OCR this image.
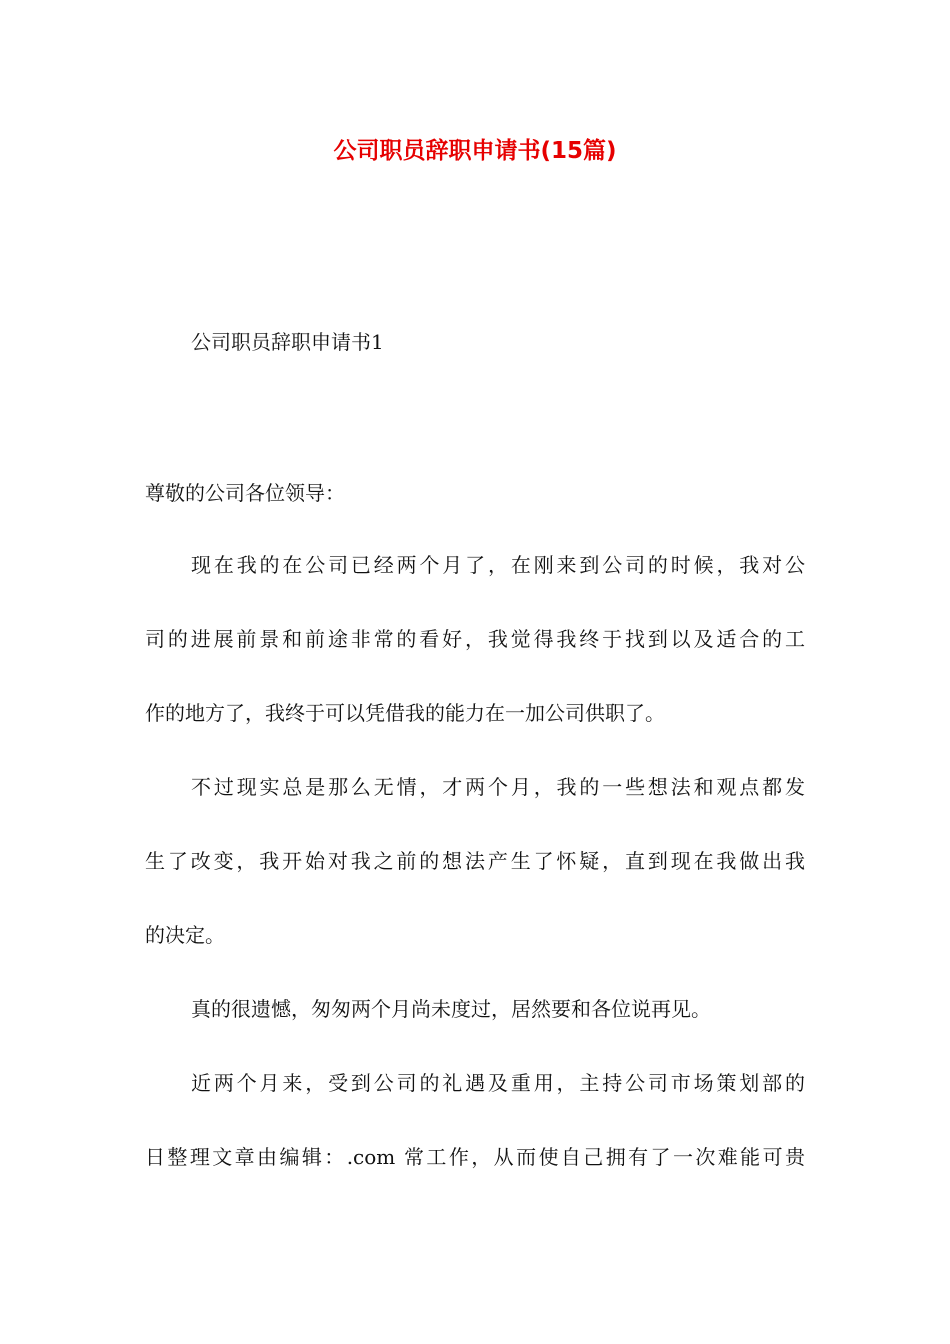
公司职员辞职申请书(15篇)

公司职员辞职申请书1

尊敬的公司各位领导：

现在我的在公司已经两个月了，在刚来到公司的时候，我对公
司的进展前景和前途非常的看好，我觉得我终于找到以及适合的工
作的地方了，我终于可以凭借我的能力在一加公司供职了。
不过现实总是那么无情，才两个月，我的一些想法和观点都发
生了改变，我开始对我之前的想法产生了怀疑，直到现在我做出我
的决定。
真的很遗憾，匆匆两个月尚未度过，居然要和各位说再见。
近两个月来，受到公司的礼遇及重用，主持公司市场策划部的
日整理文章由编辑：.com 常工作，从而使自己拥有了一次难能可贵
